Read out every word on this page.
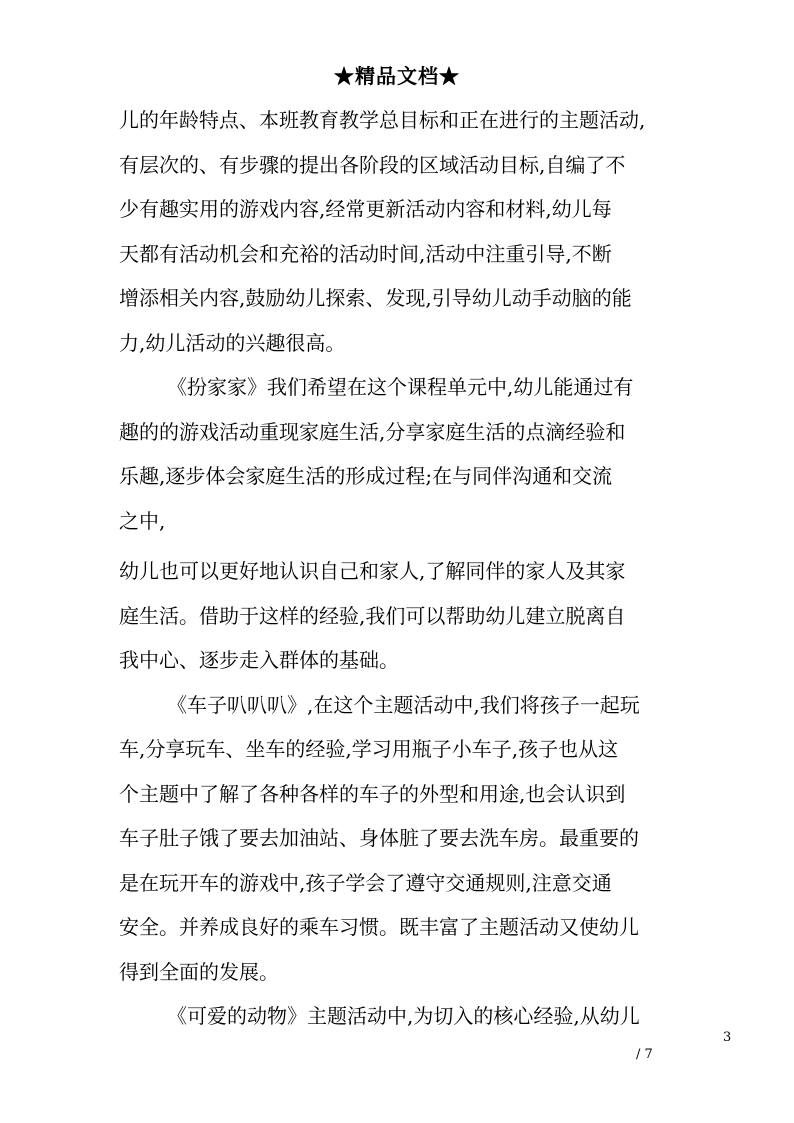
★精品文档★

儿的年龄特点、本班教育教学总目标和正在进行的主题活动,

有层次的、有步骤的提出各阶段的区域活动目标,自编了不

少有趣实用的游戏内容,经常更新活动内容和材料,幼儿每

天都有活动机会和充裕的活动时间,活动中注重引导,不断

增添相关内容,鼓励幼儿探索、发现,引导幼儿动手动脑的能

力,幼儿活动的兴趣很高。

《扮家家》我们希望在这个课程单元中,幼儿能通过有

趣的的游戏活动重现家庭生活,分享家庭生活的点滴经验和

乐趣,逐步体会家庭生活的形成过程;在与同伴沟通和交流

之中,

幼儿也可以更好地认识自己和家人,了解同伴的家人及其家

庭生活。借助于这样的经验,我们可以帮助幼儿建立脱离自

我中心、逐步走入群体的基础。

《车子叭叭叭》,在这个主题活动中,我们将孩子一起玩

车,分享玩车、坐车的经验,学习用瓶子小车子,孩子也从这

个主题中了解了各种各样的车子的外型和用途,也会认识到

车子肚子饿了要去加油站、身体脏了要去洗车房。最重要的

是在玩开车的游戏中,孩子学会了遵守交通规则,注意交通

安全。并养成良好的乘车习惯。既丰富了主题活动又使幼儿

得到全面的发展。

《可爱的动物》主题活动中,为切入的核心经验,从幼儿

3
/ 7
